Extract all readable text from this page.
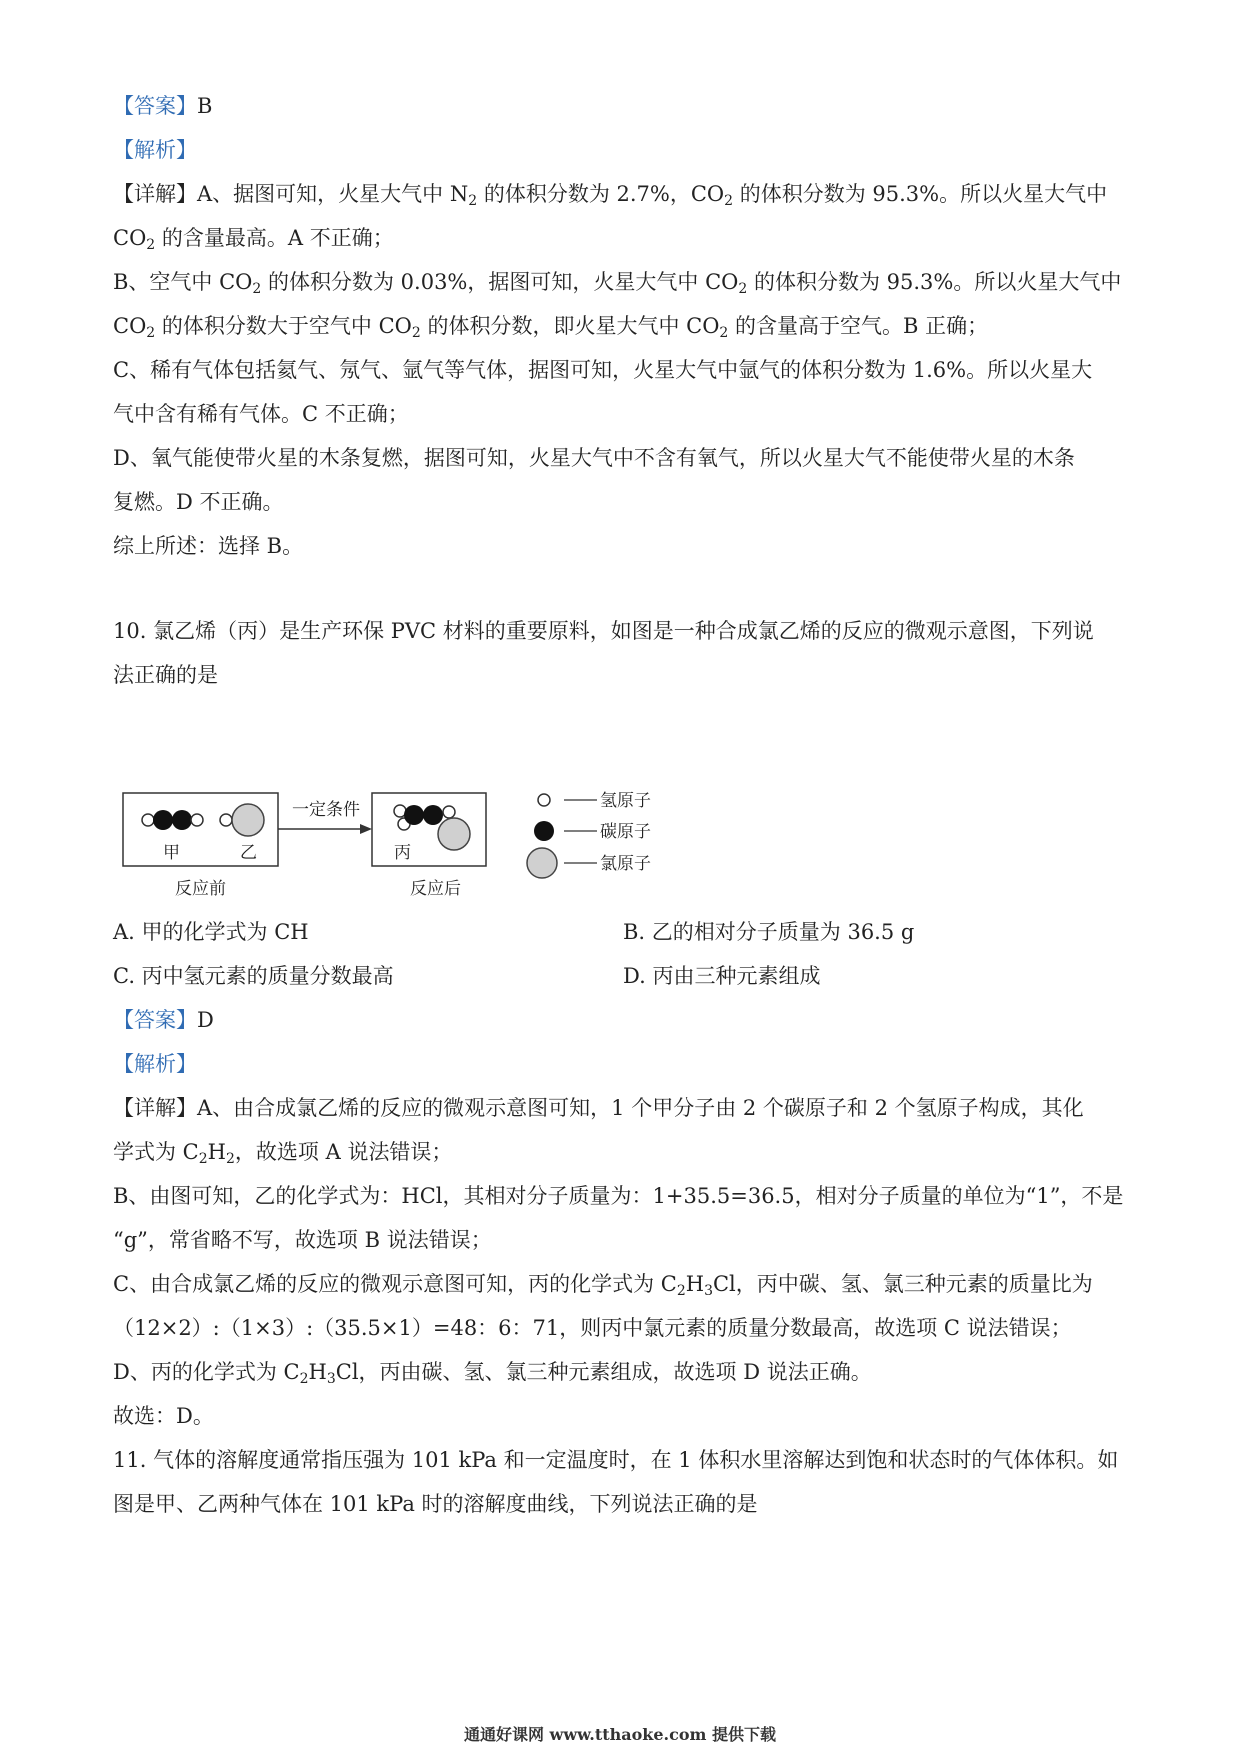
【答案】B
【解析】
【详解】A、据图可知，火星大气中 $N_2$ 的体积分数为 2.7%，$CO_2$ 的体积分数为 95.3%。所以火星大气中
$CO_2$ 的含量最高。A 不正确；
B、空气中 $CO_2$ 的体积分数为 0.03%，据图可知，火星大气中 $CO_2$ 的体积分数为 95.3%。所以火星大气中
$CO_2$ 的体积分数大于空气中 $CO_2$ 的体积分数，即火星大气中 $CO_2$ 的含量高于空气。B 正确；
C、稀有气体包括氦气、氖气、氩气等气体，据图可知，火星大气中氩气的体积分数为 1.6%。所以火星大
气中含有稀有气体。C 不正确；
D、氧气能使带火星的木条复燃，据图可知，火星大气中不含有氧气，所以火星大气不能使带火星的木条
复燃。D 不正确。
综上所述：选择 B。
10. 氯乙烯（丙）是生产环保 PVC 材料的重要原料，如图是一种合成氯乙烯的反应的微观示意图，下列说
法正确的是
甲	乙
反应前
一定条件
丙
反应后
氢原子
碳原子
氯原子
A. 甲的化学式为 CH	B. 乙的相对分子质量为 36.5 g
C. 丙中氢元素的质量分数最高	D. 丙由三种元素组成
【答案】D
【解析】
【详解】A、由合成氯乙烯的反应的微观示意图可知，1 个甲分子由 2 个碳原子和 2 个氢原子构成，其化
学式为 $C_2H_2$，故选项 A 说法错误；
B、由图可知，乙的化学式为：HCl，其相对分子质量为：1+35.5=36.5，相对分子质量的单位为“1”，不是
“g”，常省略不写，故选项 B 说法错误；
C、由合成氯乙烯的反应的微观示意图可知，丙的化学式为 $C_2H_3Cl$，丙中碳、氢、氯三种元素的质量比为
（12×2）:（1×3）:（35.5×1）=48：6：71，则丙中氯元素的质量分数最高，故选项 C 说法错误；
D、丙的化学式为 $C_2H_3Cl$，丙由碳、氢、氯三种元素组成，故选项 D 说法正确。
故选：D。
11. 气体的溶解度通常指压强为 101 kPa 和一定温度时，在 1 体积水里溶解达到饱和状态时的气体体积。如
图是甲、乙两种气体在 101 kPa 时的溶解度曲线，下列说法正确的是
通通好课网 www.tthaoke.com 提供下载
